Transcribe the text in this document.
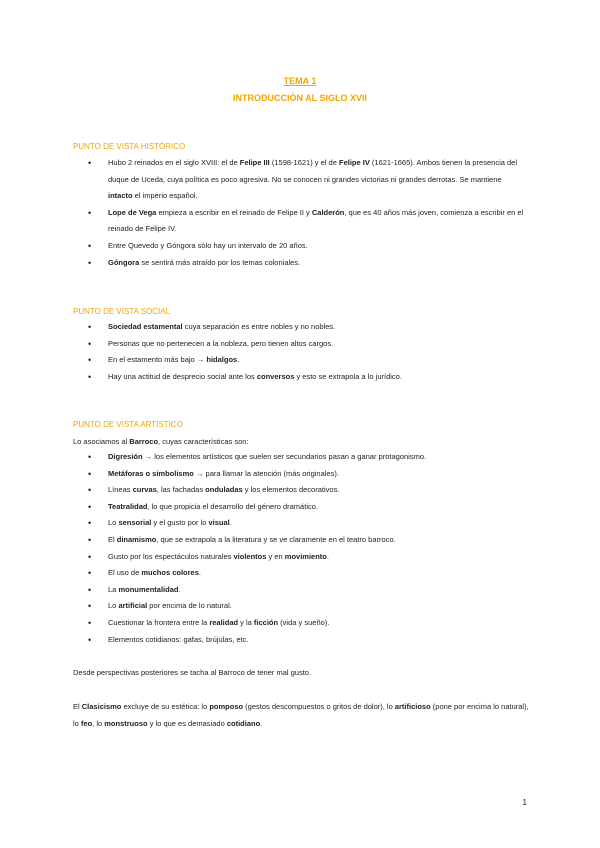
TEMA 1
INTRODUCCIÓN AL SIGLO XVII
PUNTO DE VISTA HISTÓRICO
• Hubo 2 reinados en el siglo XVIII: el de Felipe III (1598-1621) y el de Felipe IV (1621-1665). Ambos tienen la presencia del duque de Uceda, cuya política es poco agresiva. No se conocen ni grandes victorias ni grandes derrotas. Se mantiene intacto el imperio español.
• Lope de Vega empieza a escribir en el reinado de Felipe II y Calderón, que es 40 años más joven, comienza a escribir en el reinado de Felipe IV.
• Entre Quevedo y Góngora sólo hay un intervalo de 20 años.
• Góngora se sentirá más atraído por los temas coloniales.
PUNTO DE VISTA SOCIAL
• Sociedad estamental cuya separación es entre nobles y no nobles.
• Personas que no pertenecen a la nobleza, pero tienen altos cargos.
• En el estamento más bajo → hidalgos.
• Hay una actitud de desprecio social ante los conversos y esto se extrapola a lo jurídico.
PUNTO DE VISTA ARTÍSTICO

Lo asociamos al Barroco, cuyas características son:

• Digresión → los elementos artísticos que suelen ser secundarios pasan a ganar protagonismo.
• Metáforas o simbolismo → para llamar la atención (más originales).
• Líneas curvas, las fachadas onduladas y los elementos decorativos.
• Teatralidad, lo que propicia el desarrollo del género dramático.
• Lo sensorial y el gusto por lo visual.
• El dinamismo, que se extrapola a la literatura y se ve claramente en el teatro barroco.
• Gusto por los espectáculos naturales violentos y en movimiento.
• El uso de muchos colores.
• La monumentalidad.
• Lo artificial por encima de lo natural.
• Cuestionar la frontera entre la realidad y la ficción (vida y sueño).
• Elementos cotidianos: gafas, brújulas, etc.

Desde perspectivas posteriores se tacha al Barroco de tener mal gusto.

El Clasicismo excluye de su estética: lo pomposo (gestos descompuestos o gritos de dolor), lo artificioso (pone por encima lo natural), lo feo, lo monstruoso y lo que es demasiado cotidiano.

1
